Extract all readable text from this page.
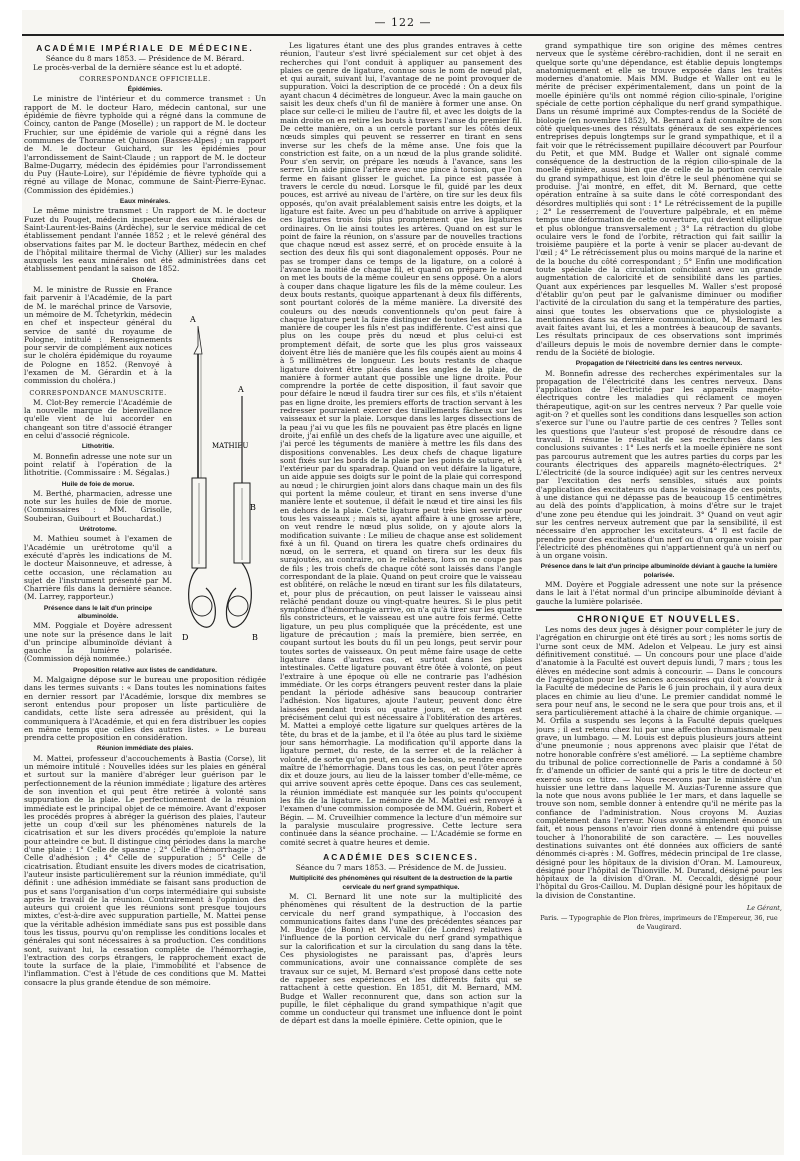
— 122 —
ACADÉMIE IMPÉRIALE DE MÉDECINE.

Séance du 8 mars 1853. — Présidence de M. Bérard.

Le procès-verbal de la dernière séance est lu et adopté.

CORRESPONDANCE OFFICIELLE.
Épidémies.

Le ministre de l'intérieur et du commerce transmet : Un rapport de M. le docteur Haro, médecin cantonal, sur une épidémie de fièvre typhoïde qui a régné dans la commune de Coincy, canton de Pange (Moselle) ; un rapport de M. le docteur Fruchier, sur une épidémie de variole qui a régné dans les communes de Thoranne et Quinson (Basses-Alpes) ; un rapport de M. le docteur Guichard, sur les épidémies pour l'arrondissement de Saint-Claude ; un rapport de M. le docteur Balme-Dugarry, médecin des épidémies pour l'arrondissement du Puy (Haute-Loire), sur l'épidémie de fièvre typhoïde qui a régné au village de Monac, commune de Saint-Pierre-Eynac. (Commission des épidémies.)

Eaux minérales.

Le même ministre transmet : Un rapport de M. le docteur Fuzet du Pouget, médecin inspecteur des eaux minérales de Saint-Laurent-les-Bains (Ardèche), sur le service médical de cet établissement pendant l'année 1852 ; et le relevé général des observations faites par M. le docteur Barthez, médecin en chef de l'hôpital militaire thermal de Vichy (Allier) sur les malades auxquels les eaux minérales ont été administrées dans cet établissement pendant la saison de 1852.

Choléra.
A
MATHIEU
A
B
D	B

M. le ministre de Russie en France fait parvenir à l'Académie, de la part de M. le maréchal prince de Varsovie, un mémoire de M. Tchetyrkin, médecin en chef et inspecteur général du service de santé du royaume de Pologne, intitulé : Renseignements pour servir de complément aux notices sur le choléra épidémique du royaume de Pologne en 1852. (Renvoyé à l'examen de M. Gérardin et à la commission du choléra.)

CORRESPONDANCE MANUSCRITE.

M. Clot-Bey remercie l'Académie de la nouvelle marque de bienveillance qu'elle vient de lui accorder en changeant son titre d'associé étranger en celui d'associé régnicole.

Lithotritie.

M. Bonnefin adresse une note sur un point relatif à l'opération de la lithotritie. (Commissaire : M. Ségalas.)

Huile de foie de morue.

M. Berthé, pharmacien, adresse une note sur les huiles de foie de morue. (Commissaires : MM. Grisolle, Soubeiran, Guibourt et Bouchardat.)

Urétrotome.

M. Mathieu soumet à l'examen de l'Académie un urétrotome qu'il a exécuté d'après les indications de M. le docteur Maisonneuve, et adresse, à cette occasion, une réclamation au sujet de l'instrument présenté par M. Charrière fils dans la dernière séance. (M. Larrey, rapporteur.)

Présence dans le lait d'un principe albuminoïde.

MM. Poggiale et Doyère adressent une note sur la présence dans le lait d'un principe albuminoïde déviant à gauche la lumière polarisée. (Commission déjà nommée.)

Proposition relative aux listes de candidature.

M. Malgaigne dépose sur le bureau une proposition rédigée dans les termes suivants : « Dans toutes les nominations faites en dernier ressort par l'Académie, lorsque dix membres se seront entendus pour proposer un liste particulière de candidats, cette liste sera adressée au président, qui la communiquera à l'Académie, et qui en fera distribuer les copies en même temps que celles des autres listes. » Le bureau prendra cette proposition en considération.

Réunion immédiate des plaies.

M. Mattei, professeur d'accouchements à Bastia (Corse), lit un mémoire intitulé : Nouvelles idées sur les plaies en général et surtout sur la manière d'abréger leur guérison par le perfectionnement de la réunion immédiate ; ligature des artères de son invention et qui peut être retirée à volonté sans suppuration de la plaie. Le perfectionnement de la réunion immédiate est le principal objet de ce mémoire. Avant d'exposer les procédés propres à abréger la guérison des plaies, l'auteur jette un coup d'œil sur les phénomènes naturels de la cicatrisation et sur les divers procédés qu'emploie la nature pour atteindre ce but. Il distingue cinq périodes dans la marche d'une plaie : 1° Celle de spasme ; 2° Celle d'hémorrhagie ; 3° Celle d'adhésion ; 4° Celle de suppuration ; 5° Celle de cicatrisation. Étudiant ensuite les divers modes de cicatrisation, l'auteur insiste particulièrement sur la réunion immédiate, qu'il définit : une adhésion immédiate se faisant sans production de pus et sans l'organisation d'un corps intermédiaire qui subsiste après le travail de la réunion. Contrairement à l'opinion des auteurs qui croient que les réunions sont presque toujours mixtes, c'est-à-dire avec suppuration partielle, M. Mattei pense que la véritable adhésion immédiate sans pus est possible dans tous les tissus, pourvu qu'on remplisse les conditions locales et générales qui sont nécessaires à sa production. Ces conditions sont, suivant lui, la cessation complète de l'hémorrhagie, l'extraction des corps étrangers, le rapprochement exact de toute la surface de la plaie, l'immobilité et l'absence de l'inflammation. C'est à l'étude de ces conditions que M. Mattei consacre la plus grande étendue de son mémoire.

Les ligatures étant une des plus grandes entraves à cette réunion, l'auteur s'est livré spécialement sur cet objet à des recherches qui l'ont conduit à appliquer au pansement des plaies ce genre de ligature, connue sous le nom de nœud plat, et qui aurait, suivant lui, l'avantage de ne point provoquer de suppuration. Voici la description de ce procédé : On a deux fils ayant chacun 4 décimètres de longueur. Avec la main gauche on saisit les deux chefs d'un fil de manière à former une anse. On place sur celle-ci le milieu de l'autre fil, et avec les doigts de la main droite on en retire les bouts à travers l'anse du premier fil. De cette manière, on a un cercle portant sur les côtés deux nœuds simples qui peuvent se resserrer en tirant en sens inverse sur les chefs de la même anse. Une fois que la constriction est faite, on a un nœud de la plus grande solidité. Pour s'en servir, on prépare les nœuds à l'avance, sans les serrer. Un aide pince l'artère avec une pince à torsion, que l'on ferme en faisant glisser le guichet. La pince est passée à travers le cercle du nœud. Lorsque le fil, guidé par les deux pouces, est arrivé au niveau de l'artère, on tire sur les deux fils opposés, qu'on avait préalablement saisis entre les doigts, et la ligature est faite. Avec un peu d'habitude on arrive à appliquer ces ligatures trois fois plus promptement que les ligatures ordinaires. On lie ainsi toutes les artères. Quand on est sur le point de faire la réunion, on s'assure par de nouvelles tractions que chaque nœud est assez serré, et on procède ensuite à la section des deux fils qui sont diagonalement opposés. Pour ne pas se tromper dans ce temps de la ligature, on a coloré à l'avance la moitié de chaque fil, et quand on prépare le nœud on met les bouts de la même couleur en sens opposé. On a alors à couper dans chaque ligature les fils de la même couleur. Les deux bouts restants, quoique appartenant à deux fils différents, sont pourtant colorés de la même manière. La diversité des couleurs ou des nœuds conventionnels qu'on peut faire à chaque ligature peut la faire distinguer de toutes les autres. La manière de couper les fils n'est pas indifférente. C'est ainsi que plus on les coupe près du nœud et plus celui-ci est promptement défait, de sorte que les plus gros vaisseaux doivent être liés de manière que les fils coupés aient au moins 4 à 5 millimètres de longueur. Les bouts restants de chaque ligature doivent être placés dans les angles de la plaie, de manière à former autant que possible une ligne droite. Pour comprendre la portée de cette disposition, il faut savoir que pour défaire le nœud il faudra tirer sur ces fils, et s'ils n'étaient pas en ligne droite, les premiers efforts de traction servant à les redresser pourraient exercer des tiraillements fâcheux sur les vaisseaux et sur la plaie. Lorsque dans les larges dissections de la peau j'ai vu que les fils ne pouvaient pas être placés en ligne droite, j'ai enfilé un des chefs de la ligature avec une aiguille, et j'ai percé les téguments de manière à mettre les fils dans des dispositions convenables. Les deux chefs de chaque ligature sont fixés sur les bords de la plaie par les points de suture, et à l'extérieur par du sparadrap. Quand on veut défaire la ligature, un aide appuie ses doigts sur le point de la plaie qui correspond au nœud ; le chirurgien joint alors dans chaque main un des fils qui portent la même couleur, et tirant en sens inverse d'une manière lente et soutenue, il défait le nœud et tire ainsi les fils en dehors de la plaie. Cette ligature peut très bien servir pour tous les vaisseaux ; mais si, ayant affaire à une grosse artère, on veut rendre le nœud plus solide, on y ajoute alors la modification suivante : Le milieu de chaque anse est solidement fixé à un fil. Quand on tirera les quatre chefs ordinaires du nœud, on le serrera, et quand on tirera sur les deux fils surajoutés, au contraire, on le relâchera, lors on ne coupe pas de fils ; les trois chefs de chaque côté sont laissés dans l'angle correspondant de la plaie. Quand on peut croire que le vaisseau est oblitéré, on relâche le nœud en tirant sur les fils dilatateurs, et, pour plus de précaution, on peut laisser le vaisseau ainsi relâché pendant douze ou vingt-quatre heures. Si le plus petit symptôme d'hémorrhagie arrive, on n'a qu'à tirer sur les quatre fils constricteurs, et le vaisseau est une autre fois fermé. Cette ligature, un peu plus compliquée que la précédente, est une ligature de précaution ; mais la première, bien serrée, en coupant surtout les bouts du fil un peu longs, peut servir pour toutes sortes de vaisseaux. On peut même faire usage de cette ligature dans d'autres cas, et surtout dans les plaies intestinales. Cette ligature pouvant être ôtée à volonté, on peut l'extraire à une époque où elle ne contrarie pas l'adhésion immédiate. Or les corps étrangers peuvent rester dans la plaie pendant la période adhésive sans beaucoup contrarier l'adhésion. Nos ligatures, ajoute l'auteur, peuvent donc être laissées pendant trois ou quatre jours, et ce temps est précisément celui qui est nécessaire à l'oblitération des artères. M. Mattei a employé cette ligature sur quelques artères de la tête, du bras et de la jambe, et il l'a ôtée au plus tard le sixième jour sans hémorrhagie. La modification qu'il apporte dans la ligature permet, du reste, de la serrer et de la relâcher à volonté, de sorte qu'on peut, en cas de besoin, se rendre encore maître de l'hémorrhagie. Dans tous les cas, on peut l'ôter après dix et douze jours, au lieu de la laisser tomber d'elle-même, ce qui arrive souvent après cette époque. Dans ces cas seulement, la réunion immédiate est manquée sur les points qu'occupent les fils de la ligature. Le mémoire de M. Mattei est renvoyé à l'examen d'une commission composée de MM. Guérin, Robert et Bégin. — M. Cruveilhier commence la lecture d'un mémoire sur la paralysie musculaire progressive. Cette lecture sera continuée dans la séance prochaine. — L'Académie se forme en comité secret à quatre heures et demie.

ACADÉMIE DES SCIENCES.

Séance du 7 mars 1853. — Présidence de M. de Jussieu.

Multiplicité des phénomènes qui résultent de la destruction de la partie cervicale du nerf grand sympathique.

M. Cl. Bernard lit une note sur la multiplicité des phénomènes qui résultent de la destruction de la partie cervicale du nerf grand sympathique, à l'occasion des communications faites dans l'une des précédentes séances par M. Budge (de Bonn) et M. Waller (de Londres) relatives à l'influence de la portion cervicale du nerf grand sympathique sur la calorification et sur la circulation du sang dans la tête. Ces physiologistes ne paraissant pas, d'après leurs communications, avoir une connaissance complète de ses travaux sur ce sujet, M. Bernard s'est proposé dans cette note de rappeler ses expériences et les différents faits qui se rattachent à cette question. En 1851, dit M. Bernard, MM. Budge et Waller reconnurent que, dans son action sur la pupille, le filet céphalique du grand sympathique n'agit que comme un conducteur qui transmet une influence dont le point de départ est dans la moelle épinière. Cette opinion, que le

grand sympathique tire son origine des mêmes centres nerveux que le système cérébro-rachidien, dont il ne serait en quelque sorte qu'une dépendance, est établie depuis longtemps anatomiquement et elle se trouve exposée dans les traités modernes d'anatomie. Mais MM. Budge et Waller ont eu le mérite de préciser expérimentalement, dans un point de la moelle épinière qu'ils ont nommé région cilio-spinale, l'origine spéciale de cette portion céphalique du nerf grand sympathique. Dans un résumé imprimé aux Comptes-rendus de la Société de biologie (en novembre 1852), M. Bernard a fait connaître de son côté quelques-unes des résultats généraux de ses expériences entreprises depuis longtemps sur le grand sympathique, et il a fait voir que le rétrécissement pupillaire découvert par Pourfour du Petit, et que MM. Budge et Waller ont signalé comme conséquence de la destruction de la région cilio-spinale de la moelle épinière, aussi bien que de celle de la portion cervicale du grand sympathique, est loin d'être le seul phénomène qui se produise. J'ai montré, en effet, dit M. Bernard, que cette opération entraîne à sa suite dans le côté correspondant des désordres multipliés qui sont : 1° Le rétrécissement de la pupille ; 2° Le resserrement de l'ouverture palpébrale, et en même temps une déformation de cette ouverture, qui devient elliptique et plus oblongue transversalement ; 3° La rétraction du globe oculaire vers le fond de l'orbite, rétraction qui fait saillir la troisième paupière et la porte à venir se placer au-devant de l'œil ; 4° Le rétrécissement plus ou moins marqué de la narine et de la bouche du côté correspondant ; 5° Enfin une modification toute spéciale de la circulation coïncidant avec un grande augmentation de caloricité et de sensibilité dans les parties. Quant aux expériences par lesquelles M. Waller s'est proposé d'établir qu'on peut par le galvanisme diminuer ou modifier l'activité de la circulation du sang et la température des parties, ainsi que toutes les observations que ce physiologiste a mentionnées dans sa dernière communication, M. Bernard les avait faites avant lui, et les a montrées à beaucoup de savants. Les résultats principaux de ces observations sont imprimés d'ailleurs depuis le mois de novembre dernier dans le compte-rendu de la Société de biologie.

Propagation de l'électricité dans les centres nerveux.

M. Bonnefin adresse des recherches expérimentales sur la propagation de l'électricité dans les centres nerveux. Dans l'application de l'électricité par les appareils magnéto-électriques contre les maladies qui réclament ce moyen thérapeutique, agit-on sur les centres nerveux ? Par quelle voie agit-on ? et quelles sont les conditions dans lesquelles son action s'exerce sur l'une ou l'autre partie de ces centres ? Telles sont les questions que l'auteur s'est proposé de résoudre dans ce travail. Il résume le résultat de ses recherches dans les conclusions suivantes : 1° Les nerfs et la moelle épinière ne sont pas parcourus autrement que les autres parties du corps par les courants électriques des appareils magnéto-électriques. 2° L'électricité (de la source indiquée) agit sur les centres nerveux par l'excitation des nerfs sensibles, situés aux points d'application des excitateurs ou dans le voisinage de ces points, à une distance qui ne dépasse pas de beaucoup 15 centimètres au delà des points d'application, à moins d'être sur le trajet d'une zone peu étendue qui les joindrait. 3° Quand on veut agir sur les centres nerveux autrement que par la sensibilité, il est nécessaire d'en approcher les excitateurs. 4° Il est facile de prendre pour des excitations d'un nerf ou d'un organe voisin par l'électricité des phénomènes qui n'appartiennent qu'à un nerf ou à un organe voisin.

Présence dans le lait d'un principe albuminoïde déviant à gauche la lumière polarisée.

MM. Doyère et Poggiale adressent une note sur la présence dans le lait à l'état normal d'un principe albuminoïde déviant à gauche la lumière polarisée.

CHRONIQUE ET NOUVELLES.

Les noms des deux juges à désigner pour compléter le jury de l'agrégation en chirurgie ont été tirés au sort ; les noms sortis de l'urne sont ceux de MM. Adelon et Velpeau. Le jury est ainsi définitivement constitué. — Un concours pour une place d'aide d'anatomie à la Faculté est ouvert depuis lundi, 7 mars ; tous les élèves en médecine sont admis à concourir. — Dans le concours de l'agrégation pour les sciences accessoires qui doit s'ouvrir à la Faculté de médecine de Paris le 6 juin prochain, il y aura deux places en chimie au lieu d'une. Le premier candidat nommé le sera pour neuf ans, le second ne le sera que pour trois ans, et il sera particulièrement attaché à la chaire de chimie organique. — M. Orfila a suspendu ses leçons à la Faculté depuis quelques jours ; il est retenu chez lui par une affection rhumatismale peu grave, un lumbago. — M. Louis est depuis plusieurs jours atteint d'une pneumonie ; nous apprenons avec plaisir que l'état de notre honorable confrère s'est amélioré. — La septième chambre du tribunal de police correctionnelle de Paris a condamné à 50 fr. d'amende un officier de santé qui a pris le titre de docteur et exercé sous ce titre. — Nous recevons par le ministère d'un huissier une lettre dans laquelle M. Auzias-Turenne assure que la note que nous avons publiée le 1er mars, et dans laquelle se trouve son nom, semble donner à entendre qu'il ne mérite pas la confiance de l'administration. Nous croyons M. Auzias complètement dans l'erreur. Nous avons simplement énoncé un fait, et nous pensons n'avoir rien donné à entendre qui puisse toucher à l'honorabilité de son caractère. — Les nouvelles destinations suivantes ont été données aux officiers de santé dénommés ci-après : M. Goffres, médecin principal de 1re classe, désigné pour les hôpitaux de la division d'Oran. M. Lamoureux, désigné pour l'hôpital de Thionville. M. Durand, désigné pour les hôpitaux de la division d'Oran. M. Ceccaldi, désigné pour l'hôpital du Gros-Caillou. M. Duplan désigné pour les hôpitaux de la division de Constantine.

Le Gérant,
Paris. — Typographie de Plon frères, imprimeurs de l'Empereur, 36, rue de Vaugirard.
